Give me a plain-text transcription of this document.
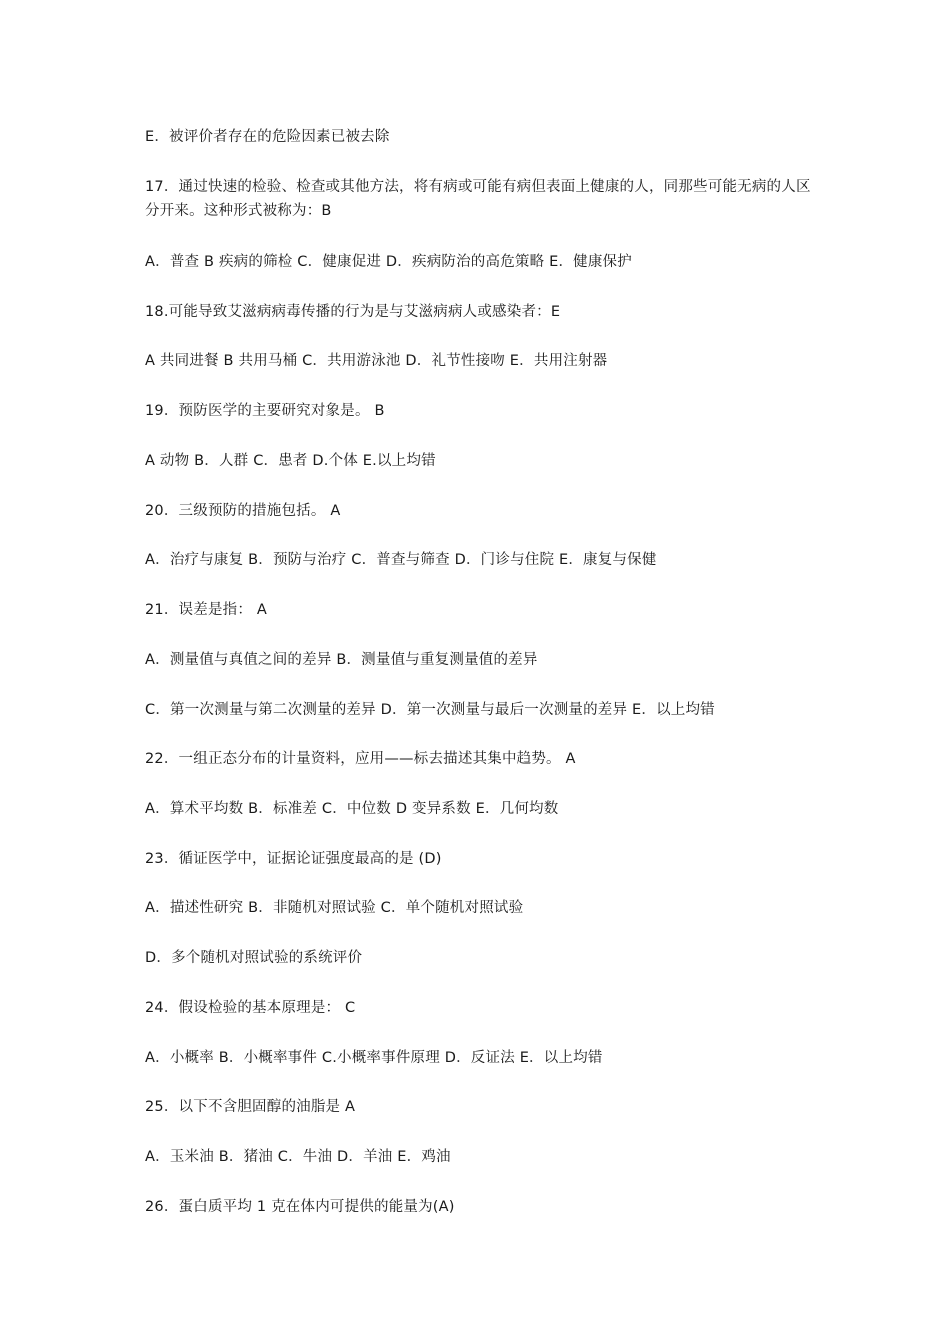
E．被评价者存在的危险因素已被去除
17．通过快速的检验、检查或其他方法，将有病或可能有病但表面上健康的人，同那些可能无病的人区分开来。这种形式被称为：B
A．普查 B 疾病的筛检 C．健康促进 D．疾病防治的高危策略 E．健康保护
18.可能导致艾滋病病毒传播的行为是与艾滋病病人或感染者：E
A 共同进餐 B 共用马桶 C．共用游泳池 D．礼节性接吻 E．共用注射器
19．预防医学的主要研究对象是。 B
A 动物 B．人群 C．患者 D.个体 E.以上均错
20．三级预防的措施包括。 A
A．治疗与康复 B．预防与治疗 C．普查与筛查 D．门诊与住院 E．康复与保健
21．误差是指： A
A．测量值与真值之间的差异 B．测量值与重复测量值的差异
C．第一次测量与第二次测量的差异 D．第一次测量与最后一次测量的差异 E．以上均错
22．一组正态分布的计量资料，应用——标去描述其集中趋势。 A
A．算术平均数 B．标准差 C．中位数 D 变异系数 E．几何均数
23．循证医学中，证据论证强度最高的是 (D)
A．描述性研究 B．非随机对照试验 C．单个随机对照试验
D．多个随机对照试验的系统评价
24．假设检验的基本原理是： C
A．小概率 B．小概率事件 C.小概率事件原理 D．反证法 E．以上均错
25．以下不含胆固醇的油脂是 A
A．玉米油 B．猪油 C．牛油 D．羊油 E．鸡油
26．蛋白质平均 1 克在体内可提供的能量为(A)
